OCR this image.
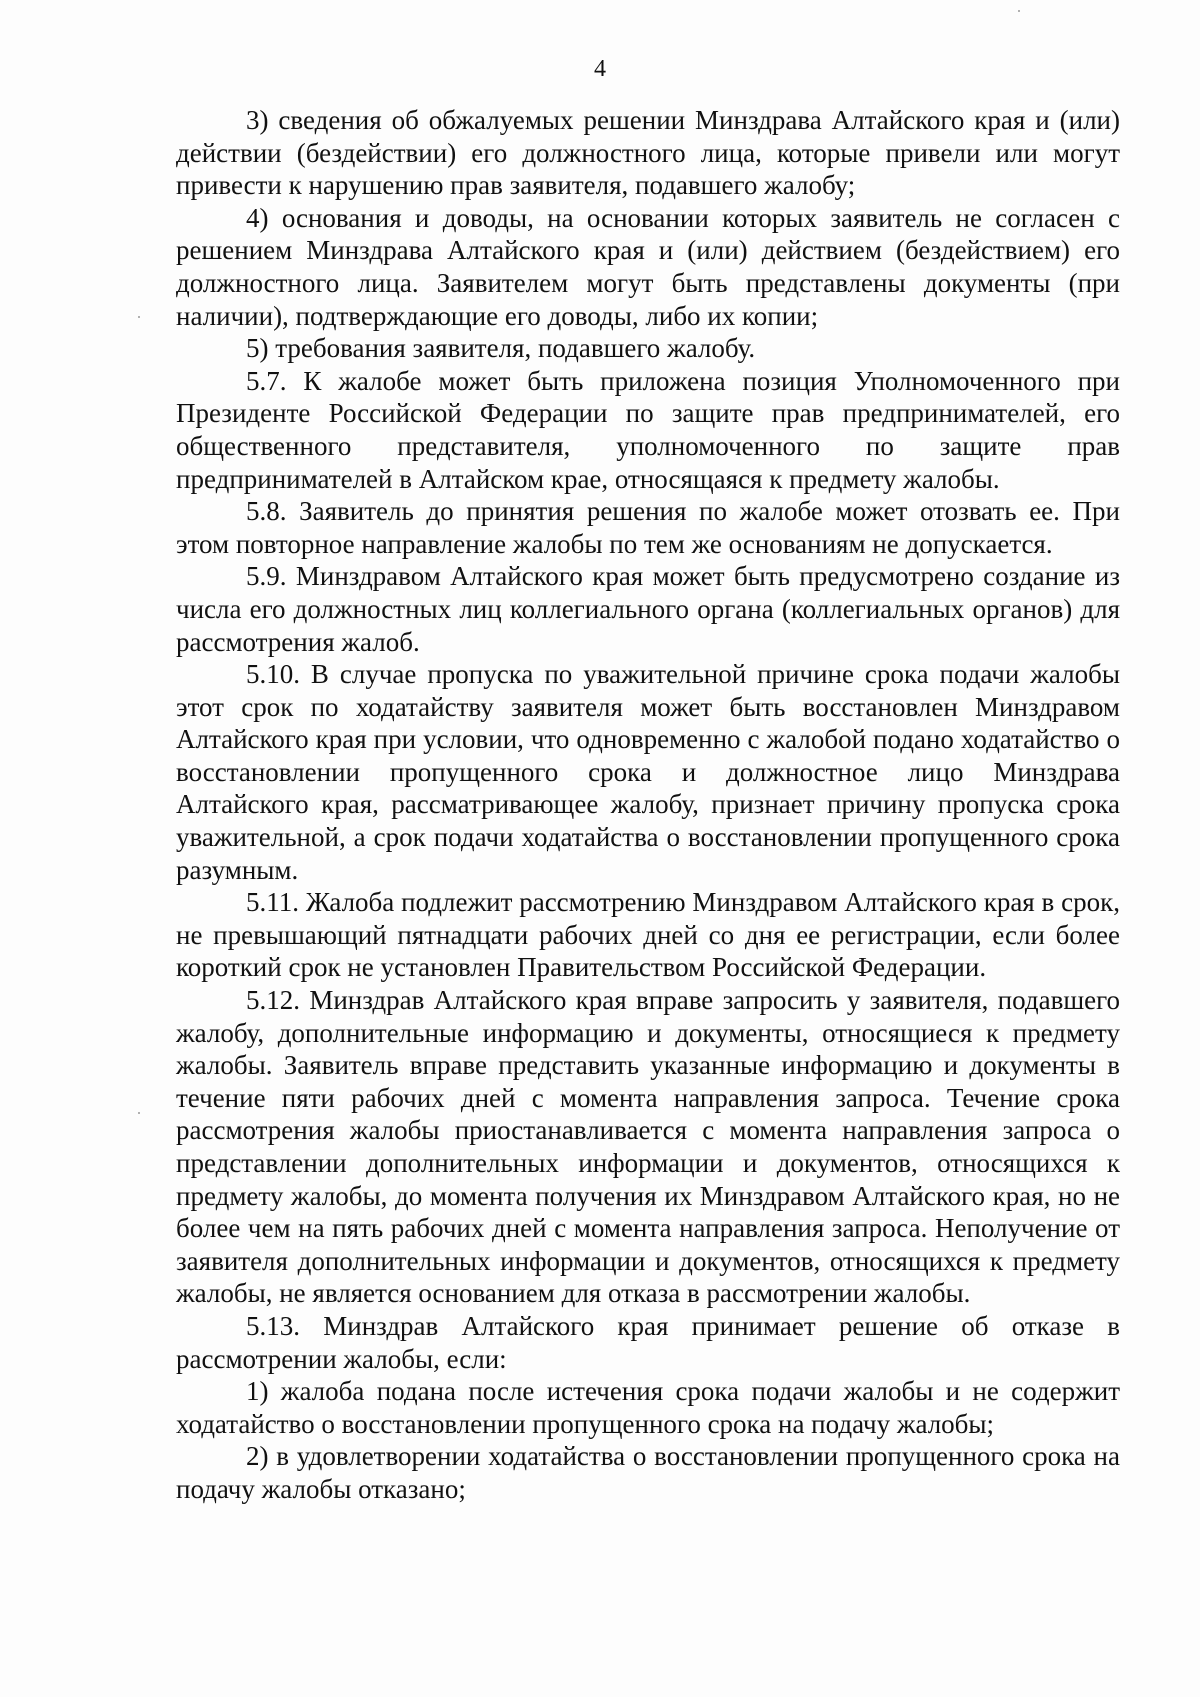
4

3) сведения об обжалуемых решении Минздрава Алтайского края и (или) действии (бездействии) его должностного лица, которые привели или могут привести к нарушению прав заявителя, подавшего жалобу;

4) основания и доводы, на основании которых заявитель не согласен с решением Минздрава Алтайского края и (или) действием (бездействием) его должностного лица. Заявителем могут быть представлены документы (при наличии), подтверждающие его доводы, либо их копии;

5) требования заявителя, подавшего жалобу.

5.7. К жалобе может быть приложена позиция Уполномоченного при Президенте Российской Федерации по защите прав предпринимателей, его общественного представителя, уполномоченного по защите прав предпринимателей в Алтайском крае, относящаяся к предмету жалобы.

5.8. Заявитель до принятия решения по жалобе может отозвать ее. При этом повторное направление жалобы по тем же основаниям не допускается.

5.9. Минздравом Алтайского края может быть предусмотрено создание из числа его должностных лиц коллегиального органа (коллегиальных органов) для рассмотрения жалоб.

5.10. В случае пропуска по уважительной причине срока подачи жалобы этот срок по ходатайству заявителя может быть восстановлен Минздравом Алтайского края при условии, что одновременно с жалобой подано ходатайство о восстановлении пропущенного срока и должностное лицо Минздрава Алтайского края, рассматривающее жалобу, признает причину пропуска срока уважительной, а срок подачи ходатайства о восстановлении пропущенного срока разумным.

5.11. Жалоба подлежит рассмотрению Минздравом Алтайского края в срок, не превышающий пятнадцати рабочих дней со дня ее регистрации, если более короткий срок не установлен Правительством Российской Федерации.

5.12. Минздрав Алтайского края вправе запросить у заявителя, подавшего жалобу, дополнительные информацию и документы, относящиеся к предмету жалобы. Заявитель вправе представить указанные информацию и документы в течение пяти рабочих дней с момента направления запроса. Течение срока рассмотрения жалобы приостанавливается с момента направления запроса о представлении дополнительных информации и документов, относящихся к предмету жалобы, до момента получения их Минздравом Алтайского края, но не более чем на пять рабочих дней с момента направления запроса. Неполучение от заявителя дополнительных информации и документов, относящихся к предмету жалобы, не является основанием для отказа в рассмотрении жалобы.

5.13. Минздрав Алтайского края принимает решение об отказе в рассмотрении жалобы, если:

1) жалоба подана после истечения срока подачи жалобы и не содержит ходатайство о восстановлении пропущенного срока на подачу жалобы;

2) в удовлетворении ходатайства о восстановлении пропущенного срока на подачу жалобы отказано;
